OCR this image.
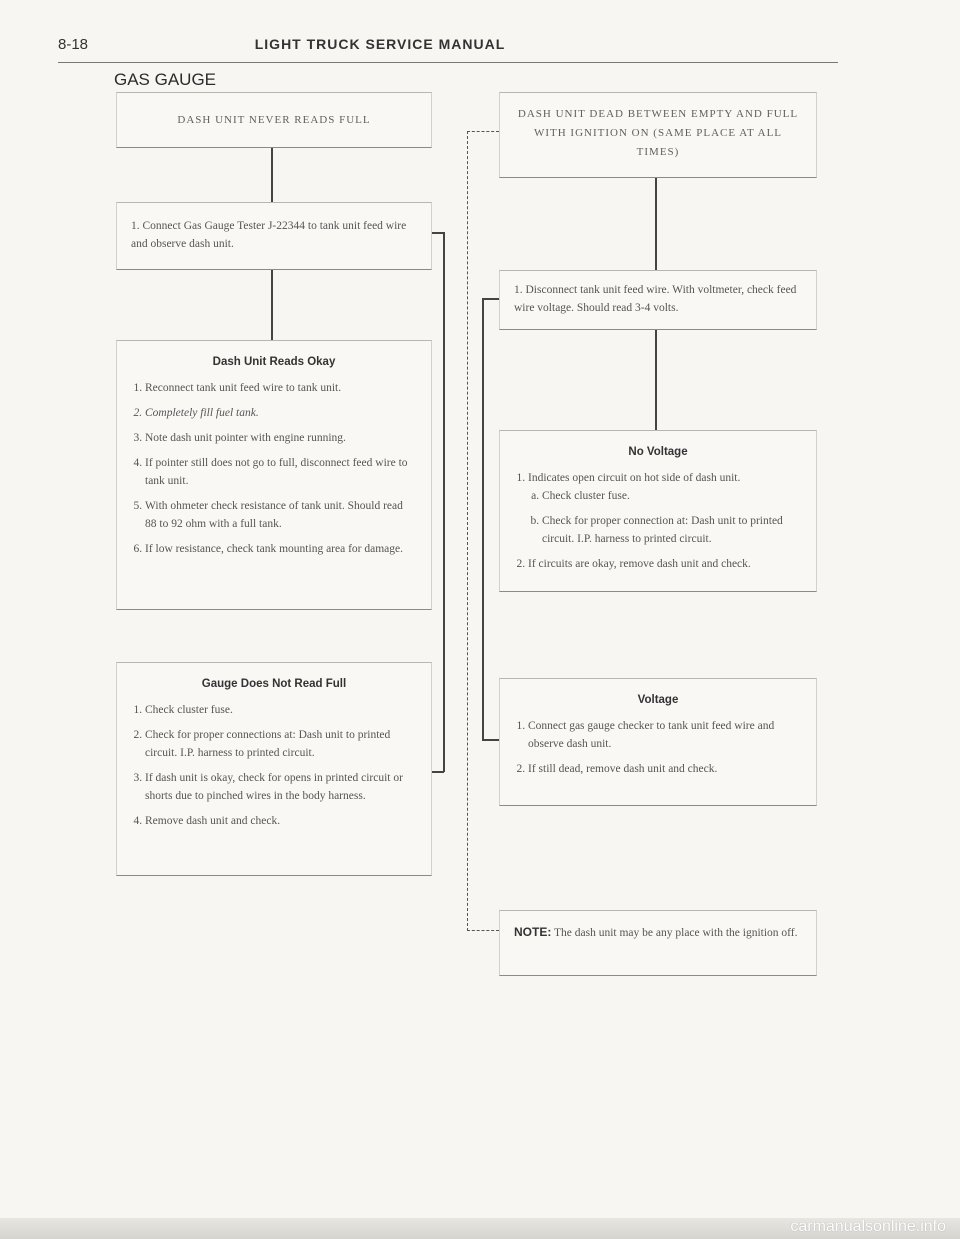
8-18	LIGHT TRUCK SERVICE MANUAL
GAS GAUGE
DASH UNIT NEVER READS FULL
1. Connect Gas Gauge Tester J-22344 to tank unit feed wire and observe dash unit.
Dash Unit Reads Okay
1. Reconnect tank unit feed wire to tank unit.
2. Completely fill fuel tank.
3. Note dash unit pointer with engine running.
4. If pointer still does not go to full, disconnect feed wire to tank unit.
5. With ohmeter check resistance of tank unit. Should read 88 to 92 ohm with a full tank.
6. If low resistance, check tank mounting area for damage.
Gauge Does Not Read Full
1. Check cluster fuse.
2. Check for proper connections at: Dash unit to printed circuit. I.P. harness to printed circuit.
3. If dash unit is okay, check for opens in printed circuit or shorts due to pinched wires in the body harness.
4. Remove dash unit and check.
DASH UNIT DEAD BETWEEN EMPTY AND FULL WITH IGNITION ON (SAME PLACE AT ALL TIMES)
1. Disconnect tank unit feed wire. With voltmeter, check feed wire voltage. Should read 3-4 volts.
No Voltage
1. Indicates open circuit on hot side of dash unit.
a. Check cluster fuse.
b. Check for proper connection at: Dash unit to printed circuit. I.P. harness to printed circuit.
2. If circuits are okay, remove dash unit and check.
Voltage
1. Connect gas gauge checker to tank unit feed wire and observe dash unit.
2. If still dead, remove dash unit and check.
NOTE: The dash unit may be any place with the ignition off.
carmanualsonline.info
